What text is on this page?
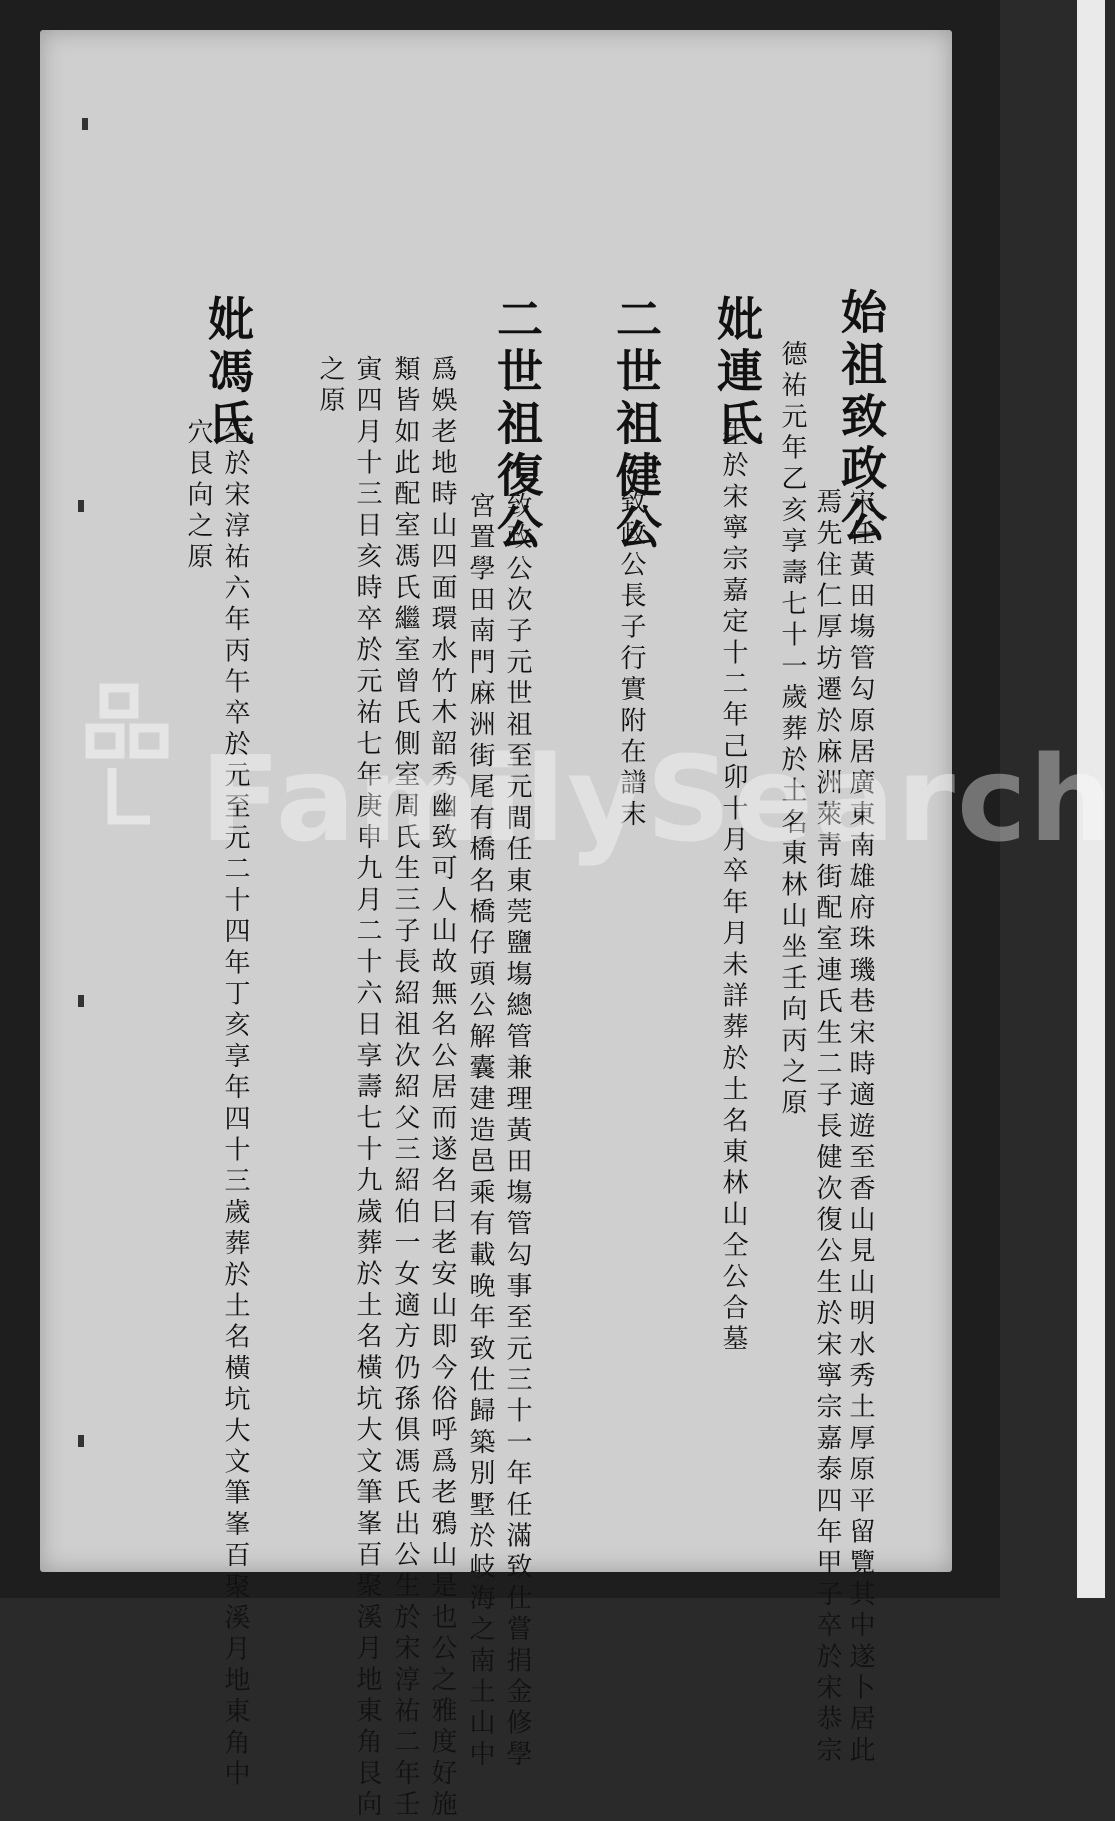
始祖致政公
宋任黃田塲管勾原居廣東南雄府珠璣巷宋時適遊至香山見山明水秀土厚原平留覽其中遂卜居此
焉先住仁厚坊遷於麻洲萊靑街配室連氏生二子長健次復公生於宋寧宗嘉泰四年甲子卒於宋恭宗
德祐元年乙亥享壽七十一歲葬於土名東林山坐壬向丙之原
妣連氏
生於宋寧宗嘉定十二年己卯十月卒年月未詳葬於土名東林山仝公合墓
二世祖健公
致政公長子行實附在譜末
二世祖復公
致政公次子元世祖至元間任東莞鹽塲總管兼理黃田塲管勾事至元三十一年任滿致仕嘗捐金修學
宮置學田南門麻洲街尾有橋名橋仔頭公解囊建造邑乘有載晚年致仕歸築別墅於岐海之南土山中
爲娛老地時山四面環水竹木韶秀幽致可人山故無名公居而遂名曰老安山即今俗呼爲老鴉山是也公之雅度好施
類皆如此配室馮氏繼室曾氏側室周氏生三子長紹祖次紹父三紹伯一女適方仍孫俱馮氏出公生於宋淳祐二年壬
寅四月十三日亥時卒於元祐七年庚申九月二十六日享壽七十九歲葬於土名橫坑大文筆峯百聚溪月地東角艮向
之原
妣馮氏
生於宋淳祐六年丙午卒於元至元二十四年丁亥享年四十三歲葬於土名橫坑大文筆峯百聚溪月地東角中
穴艮向之原
FamilySearch
